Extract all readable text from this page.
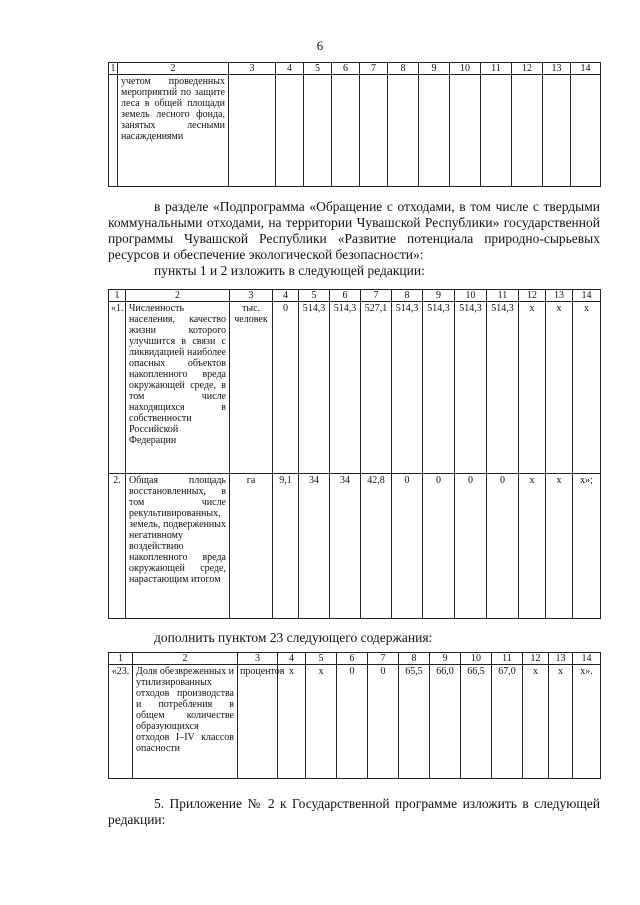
6
1	2	3	4	5	6	7	8	9	10	11	12	13	14
	учетом проведенных мероприятий по защите леса в общей площади земель лесного фонда, занятых лесными насаждениями												
в разделе «Подпрограмма «Обращение с отходами, в том числе с твердыми коммунальными отходами, на территории Чувашской Республики» государственной программы Чувашской Республики «Развитие потенциала природно-сырьевых ресурсов и обеспечение экологической безопасности»:
пункты 1 и 2 изложить в следующей редакции:
1	2	3	4	5	6	7	8	9	10	11	12	13	14
«1.	Численность населения, качество жизни которого улучшится в связи с ликвидацией наиболее опасных объектов накопленного вреда окружающей среде, в том числе находящихся в собственности Российской Федерации	тыс. человек	0	514,3	514,3	527,1	514,3	514,3	514,3	514,3	x	x	x
2.	Общая площадь восстановленных, в том числе рекультивированных, земель, подверженных негативному воздействию накопленного вреда окружающей среде, нарастающим итогом	га	9,1	34	34	42,8	0	0	0	0	x	x	x»;
дополнить пунктом 23 следующего содержания:
1	2	3	4	5	6	7	8	9	10	11	12	13	14
«23.	Доля обезвреженных и утилизированных отходов производства и потребления в общем количестве образующихся отходов I–IV классов опасности	процентов	x	x	0	0	65,5	66,0	66,5	67,0	x	x	x».
5. Приложение № 2 к Государственной программе изложить в следующей редакции:
